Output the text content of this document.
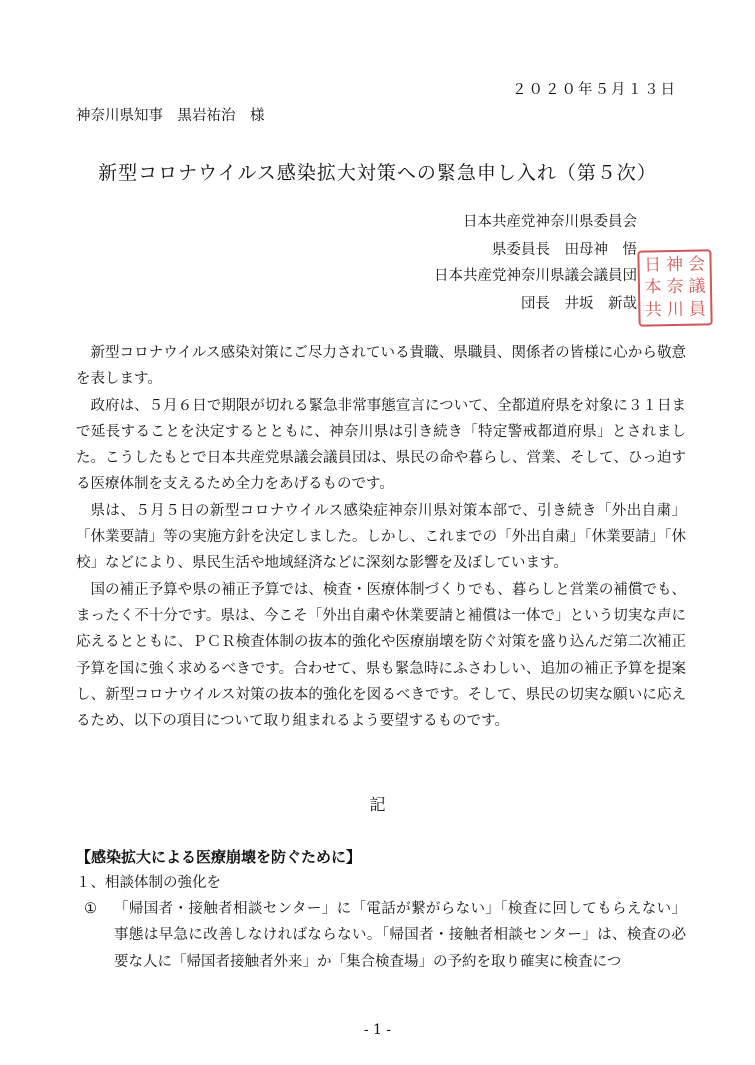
２０２０年５月１３日
神奈川県知事　黒岩祐治　様
新型コロナウイルス感染拡大対策への緊急申し入れ（第５次）
日本共産党神奈川県委員会
県委員長　田母神　悟
日本共産党神奈川県議会議員団
団長　井坂　新哉
日 神 会
本 奈 議
共 川 員

新型コロナウイルス感染対策にご尽力されている貴職、県職員、関係者の皆様に心から敬意を表します。

政府は、５月６日で期限が切れる緊急非常事態宣言について、全都道府県を対象に３１日まで延長することを決定するとともに、神奈川県は引き続き「特定警戒都道府県」とされました。こうしたもとで日本共産党県議会議員団は、県民の命や暮らし、営業、そして、ひっ迫する医療体制を支えるため全力をあげるものです。

県は、５月５日の新型コロナウイルス感染症神奈川県対策本部で、引き続き「外出自粛」「休業要請」等の実施方針を決定しました。しかし、これまでの「外出自粛」「休業要請」「休校」などにより、県民生活や地域経済などに深刻な影響を及ぼしています。

国の補正予算や県の補正予算では、検査・医療体制づくりでも、暮らしと営業の補償でも、まったく不十分です。県は、今こそ「外出自粛や休業要請と補償は一体で」という切実な声に応えるとともに、ＰＣＲ検査体制の抜本的強化や医療崩壊を防ぐ対策を盛り込んだ第二次補正予算を国に強く求めるべきです。合わせて、県も緊急時にふさわしい、追加の補正予算を提案し、新型コロナウイルス対策の抜本的強化を図るべきです。そして、県民の切実な願いに応えるため、以下の項目について取り組まれるよう要望するものです。

記
【感染拡大による医療崩壊を防ぐために】
１、相談体制の強化を
① 「帰国者・接触者相談センター」に「電話が繋がらない」「検査に回してもらえない」事態は早急に改善しなければならない。「帰国者・接触者相談センター」は、検査の必要な人に「帰国者接触者外来」か「集合検査場」の予約を取り確実に検査につ
- 1 -
